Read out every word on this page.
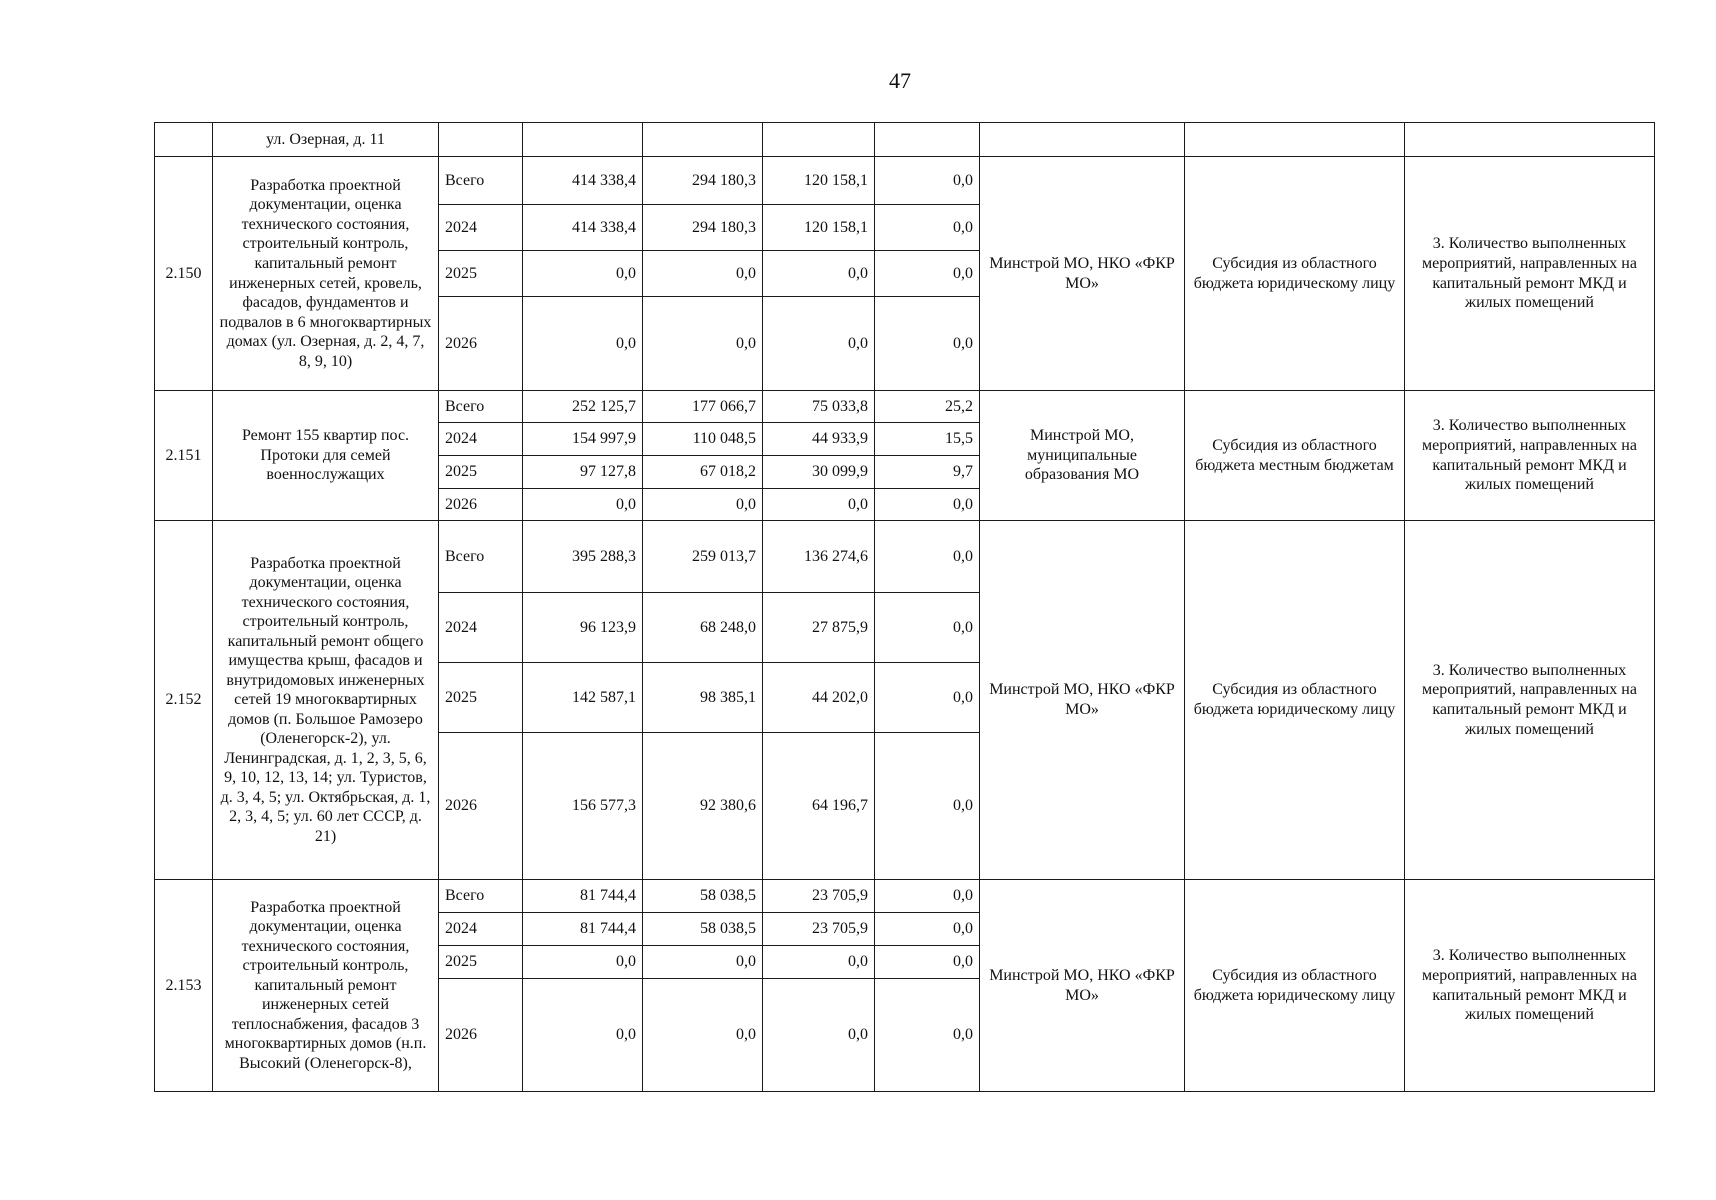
47
	ул. Озерная, д. 11								
2.150	Разработка проектной документации, оценка технического состояния, строительный контроль, капитальный ремонт инженерных сетей, кровель, фасадов, фундаментов и подвалов в 6 многоквартирных домах (ул. Озерная, д. 2, 4, 7, 8, 9, 10)	Всего	414 338,4	294 180,3	120 158,1	0,0	Минстрой МО, НКО «ФКР МО»	Субсидия из областного бюджета юридическому лицу	3. Количество выполненных мероприятий, направленных на капитальный ремонт МКД и жилых помещений
		2024	414 338,4	294 180,3	120 158,1	0,0			
		2025	0,0	0,0	0,0	0,0			
		2026	0,0	0,0	0,0	0,0			
2.151	Ремонт 155 квартир пос. Протоки для семей военнослужащих	Всего	252 125,7	177 066,7	75 033,8	25,2	Минстрой МО, муниципальные образования МО	Субсидия из областного бюджета местным бюджетам	3. Количество выполненных мероприятий, направленных на капитальный ремонт МКД и жилых помещений
		2024	154 997,9	110 048,5	44 933,9	15,5			
		2025	97 127,8	67 018,2	30 099,9	9,7			
		2026	0,0	0,0	0,0	0,0			
2.152	Разработка проектной документации, оценка технического состояния, строительный контроль, капитальный ремонт общего имущества крыш, фасадов и внутридомовых инженерных сетей 19 многоквартирных домов (п. Большое Рамозеро (Оленегорск-2), ул. Ленинградская, д. 1, 2, 3, 5, 6, 9, 10, 12, 13, 14; ул. Туристов, д. 3, 4, 5; ул. Октябрьская, д. 1, 2, 3, 4, 5; ул. 60 лет СССР, д. 21)	Всего	395 288,3	259 013,7	136 274,6	0,0	Минстрой МО, НКО «ФКР МО»	Субсидия из областного бюджета юридическому лицу	3. Количество выполненных мероприятий, направленных на капитальный ремонт МКД и жилых помещений
		2024	96 123,9	68 248,0	27 875,9	0,0			
		2025	142 587,1	98 385,1	44 202,0	0,0			
		2026	156 577,3	92 380,6	64 196,7	0,0			
2.153	Разработка проектной документации, оценка технического состояния, строительный контроль, капитальный ремонт инженерных сетей теплоснабжения, фасадов 3 многоквартирных домов (н.п. Высокий (Оленегорск-8),	Всего	81 744,4	58 038,5	23 705,9	0,0	Минстрой МО, НКО «ФКР МО»	Субсидия из областного бюджета юридическому лицу	3. Количество выполненных мероприятий, направленных на капитальный ремонт МКД и жилых помещений
		2024	81 744,4	58 038,5	23 705,9	0,0			
		2025	0,0	0,0	0,0	0,0			
		2026	0,0	0,0	0,0	0,0			
